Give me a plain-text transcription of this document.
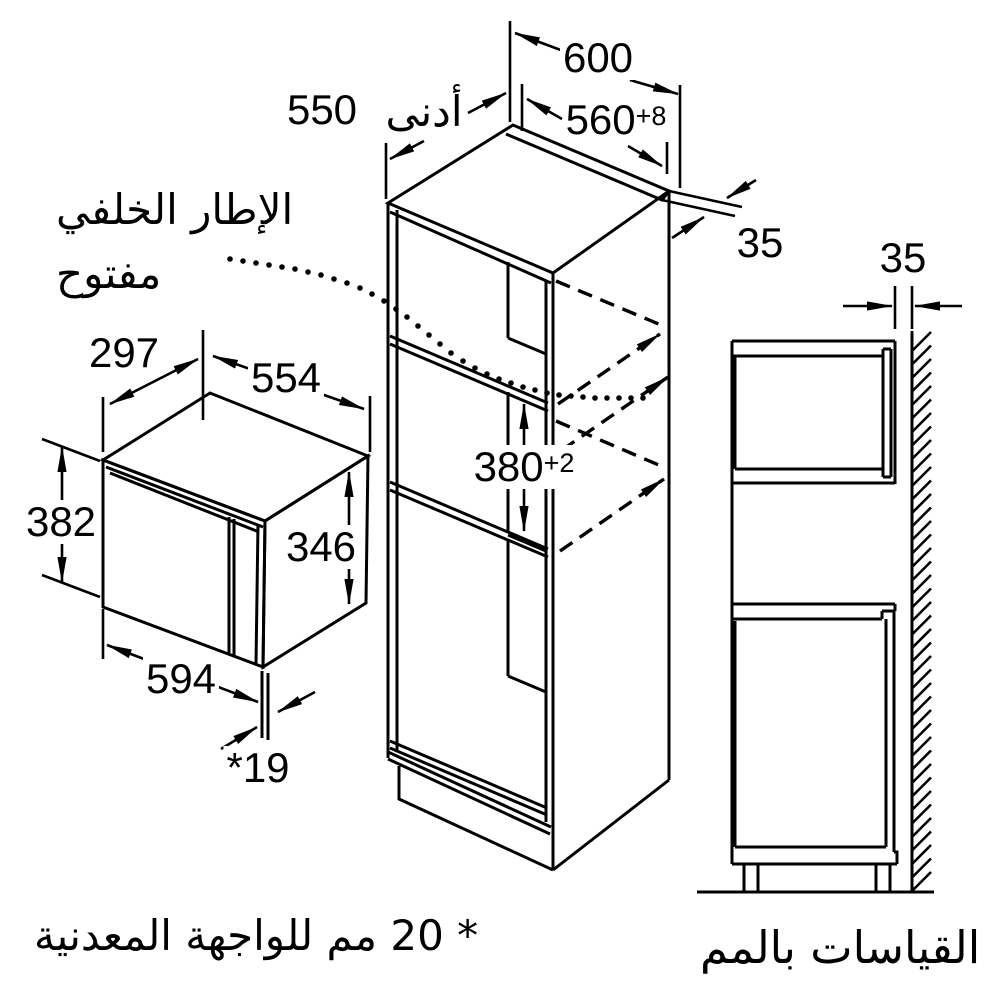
600
$560^{+8}$
550 أدنى
35 35
297
554
382
346
$380^{+2}$
594
*19
الإطار الخلفي
مفتوح
* 20 مم للواجهة المعدنية	القياسات بالمم
